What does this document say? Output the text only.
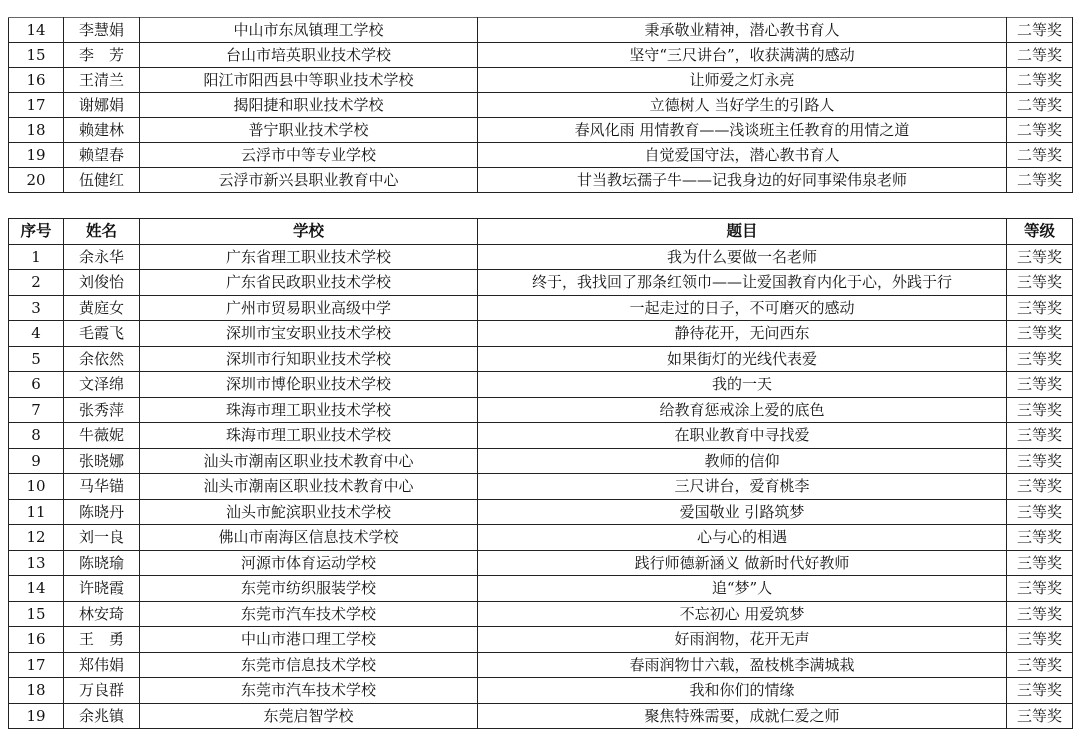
14	李慧娟	中山市东凤镇理工学校	秉承敬业精神，潜心教书育人	二等奖
15	李　芳	台山市培英职业技术学校	坚守“三尺讲台”，收获满满的感动	二等奖
16	王清兰	阳江市阳西县中等职业技术学校	让师爱之灯永亮	二等奖
17	谢娜娟	揭阳捷和职业技术学校	立德树人 当好学生的引路人	二等奖
18	赖建林	普宁职业技术学校	春风化雨 用情教育——浅谈班主任教育的用情之道	二等奖
19	赖望春	云浮市中等专业学校	自觉爱国守法，潜心教书育人	二等奖
20	伍健红	云浮市新兴县职业教育中心	甘当教坛孺子牛——记我身边的好同事梁伟泉老师	二等奖
序号	姓名	学校	题目	等级
1	余永华	广东省理工职业技术学校	我为什么要做一名老师	三等奖
2	刘俊怡	广东省民政职业技术学校	终于，我找回了那条红领巾——让爱国教育内化于心，外践于行	三等奖
3	黄庭女	广州市贸易职业高级中学	一起走过的日子，不可磨灭的感动	三等奖
4	毛霞飞	深圳市宝安职业技术学校	静待花开，无问西东	三等奖
5	余依然	深圳市行知职业技术学校	如果街灯的光线代表爱	三等奖
6	文泽绵	深圳市博伦职业技术学校	我的一天	三等奖
7	张秀萍	珠海市理工职业技术学校	给教育惩戒涂上爱的底色	三等奖
8	牛薇妮	珠海市理工职业技术学校	在职业教育中寻找爱	三等奖
9	张晓娜	汕头市潮南区职业技术教育中心	教师的信仰	三等奖
10	马华锚	汕头市潮南区职业技术教育中心	三尺讲台，爱育桃李	三等奖
11	陈晓丹	汕头市鮀滨职业技术学校	爱国敬业 引路筑梦	三等奖
12	刘一良	佛山市南海区信息技术学校	心与心的相遇	三等奖
13	陈晓瑜	河源市体育运动学校	践行师德新涵义 做新时代好教师	三等奖
14	许晓霞	东莞市纺织服装学校	追“梦”人	三等奖
15	林安琦	东莞市汽车技术学校	不忘初心 用爱筑梦	三等奖
16	王　勇	中山市港口理工学校	好雨润物，花开无声	三等奖
17	郑伟娟	东莞市信息技术学校	春雨润物廿六载，盈枝桃李满城栽	三等奖
18	万良群	东莞市汽车技术学校	我和你们的情缘	三等奖
19	余兆镇	东莞启智学校	聚焦特殊需要，成就仁爱之师	三等奖
